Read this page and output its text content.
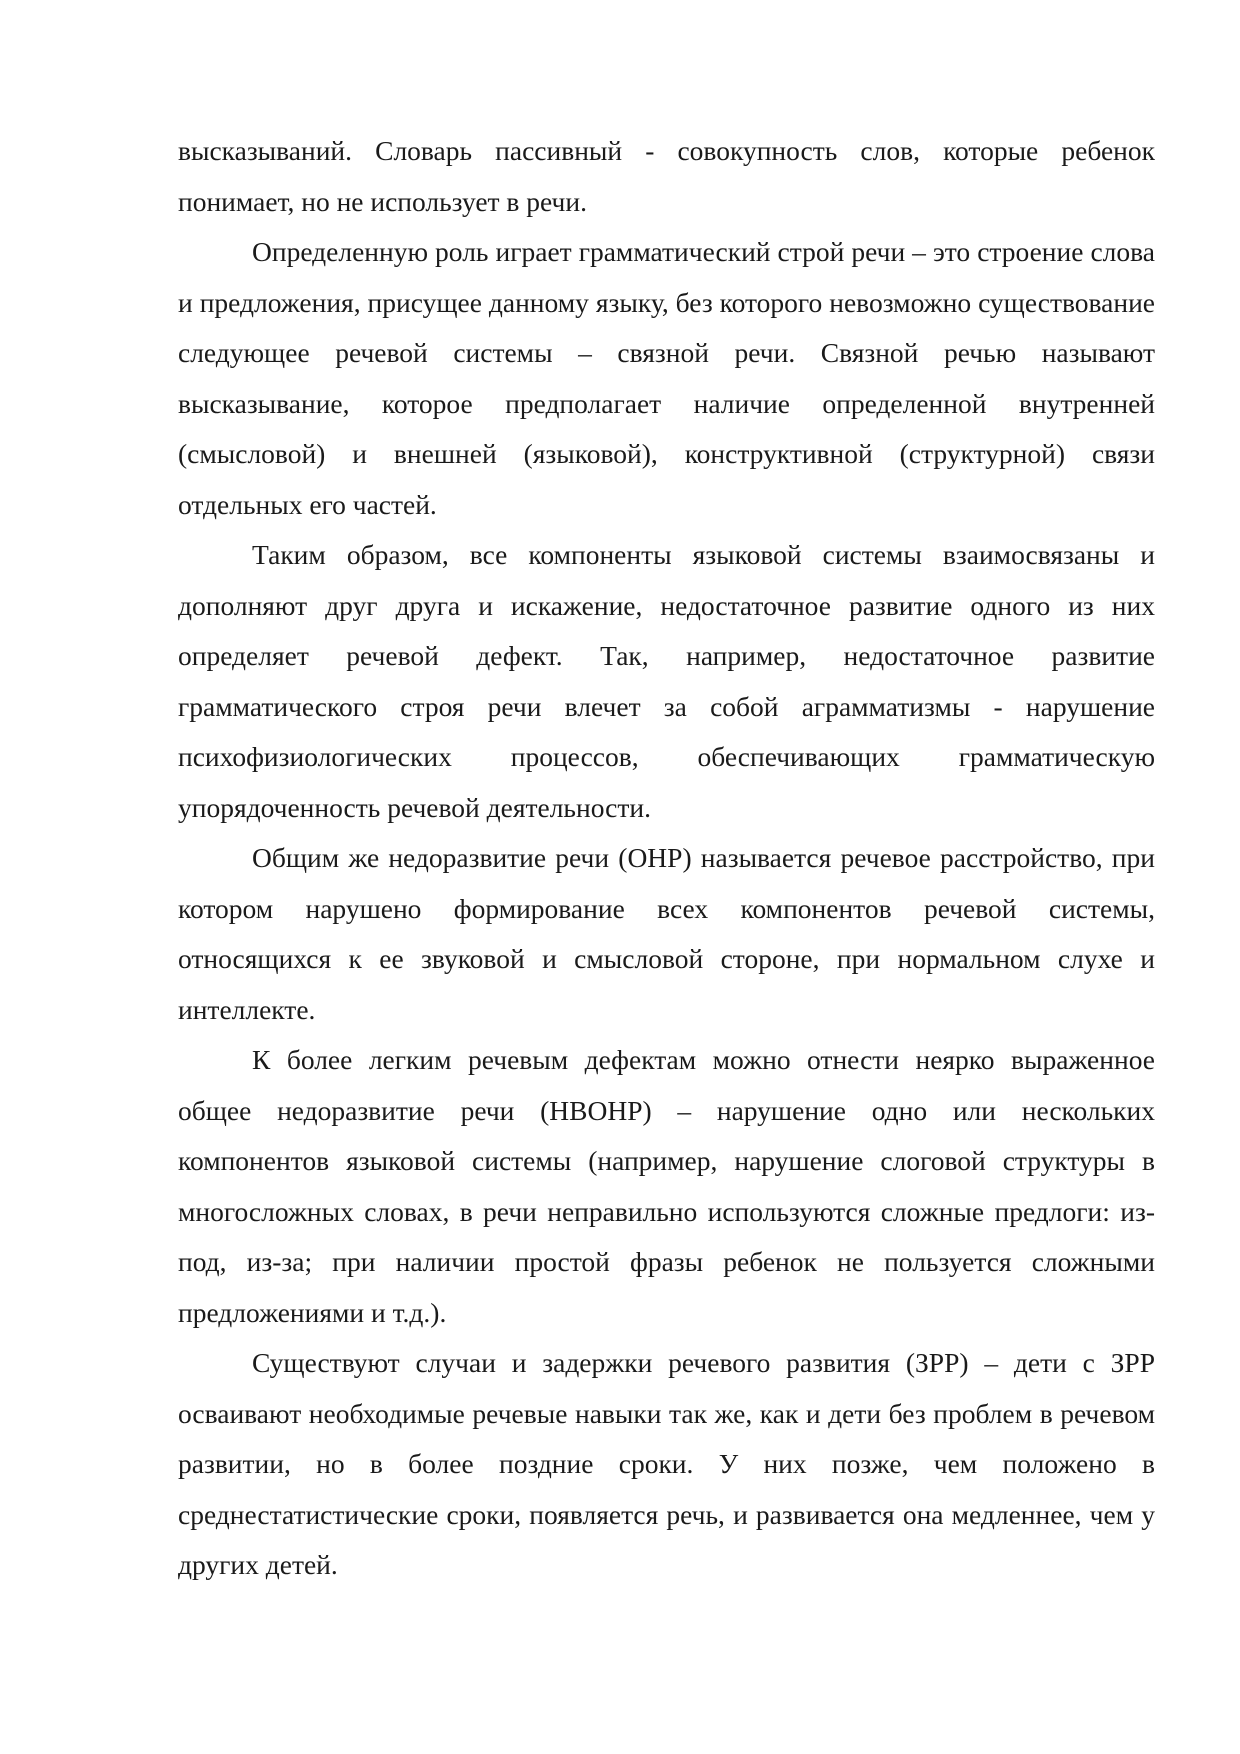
высказываний. Словарь пассивный - совокупность слов, которые ребенок понимает, но не использует в речи.

Определенную роль играет грамматический строй речи – это строение слова и предложения, присущее данному языку, без которого невозможно существование следующее речевой системы – связной речи. Связной речью называют высказывание, которое предполагает наличие определенной внутренней (смысловой) и внешней (языковой), конструктивной (структурной) связи отдельных его частей.

Таким образом, все компоненты языковой системы взаимосвязаны и дополняют друг друга и искажение, недостаточное развитие одного из них определяет речевой дефект. Так, например, недостаточное развитие грамматического строя речи влечет за собой аграмматизмы - нарушение психофизиологических процессов, обеспечивающих грамматическую упорядоченность речевой деятельности.

Общим же недоразвитие речи (ОНР) называется речевое расстройство, при котором нарушено формирование всех компонентов речевой системы, относящихся к ее звуковой и смысловой стороне, при нормальном слухе и интеллекте.

К более легким речевым дефектам можно отнести неярко выраженное общее недоразвитие речи (НВОНР) – нарушение одно или нескольких компонентов языковой системы (например, нарушение слоговой структуры в многосложных словах, в речи неправильно используются сложные предлоги: из-под, из-за; при наличии простой фразы ребенок не пользуется сложными предложениями и т.д.).

Существуют случаи и задержки речевого развития (ЗРР) – дети с ЗРР осваивают необходимые речевые навыки так же, как и дети без проблем в речевом развитии, но в более поздние сроки. У них позже, чем положено в среднестатистические сроки, появляется речь, и развивается она медленнее, чем у других детей.
